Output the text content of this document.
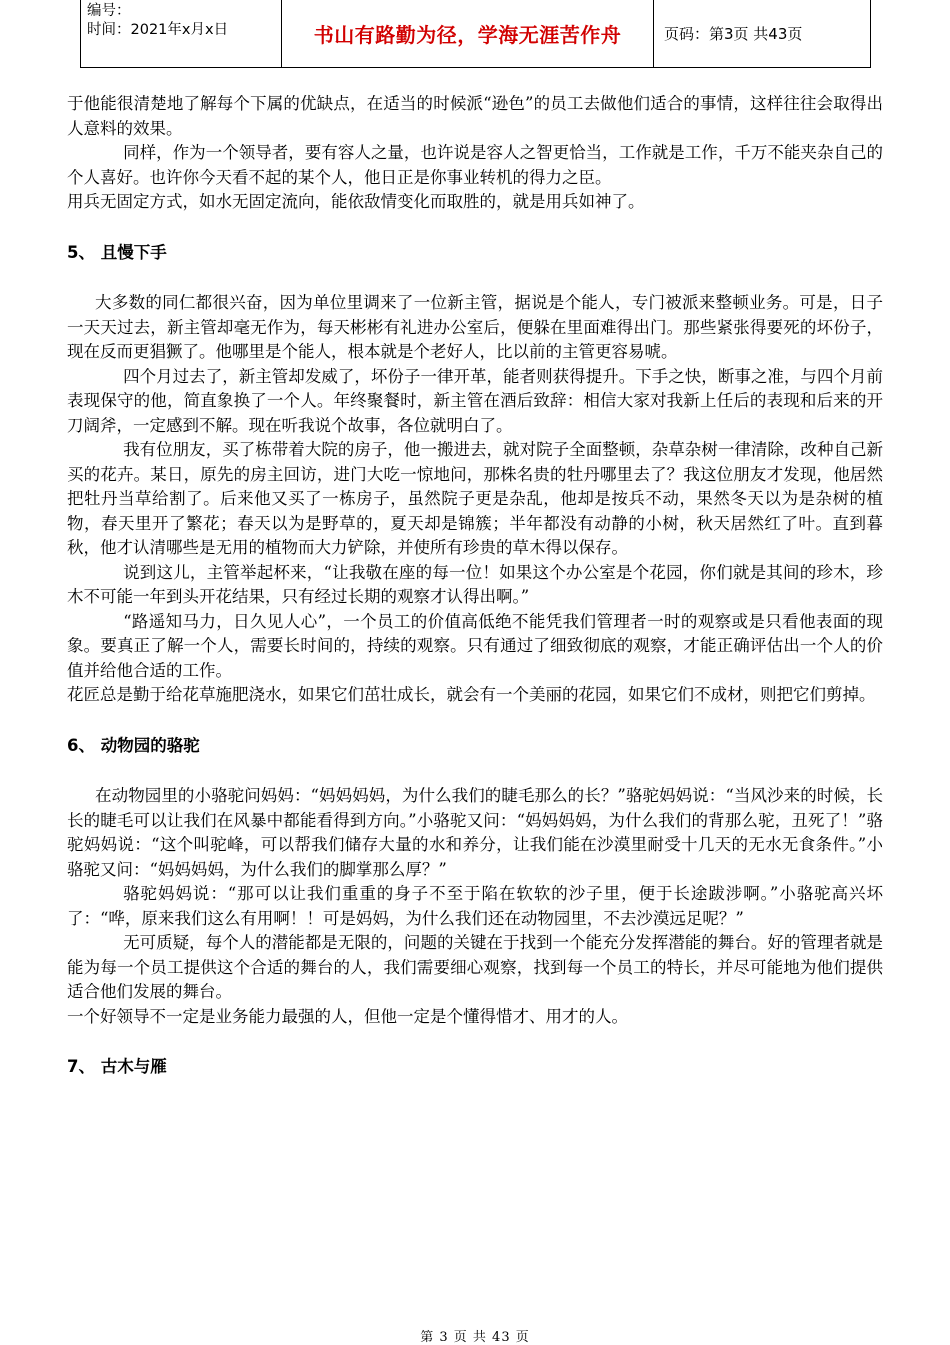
编号：
时间：2021年x月x日	书山有路勤为径，学海无涯苦作舟	页码：第3页 共43页

于他能很清楚地了解每个下属的优缺点，在适当的时候派“逊色”的员工去做他们适合的事情，这样往往会取得出人意料的效果。

同样，作为一个领导者，要有容人之量，也许说是容人之智更恰当，工作就是工作，千万不能夹杂自己的个人喜好。也许你今天看不起的某个人，他日正是你事业转机的得力之臣。

用兵无固定方式，如水无固定流向，能依敌情变化而取胜的，就是用兵如神了。

5、 且慢下手

大多数的同仁都很兴奋，因为单位里调来了一位新主管，据说是个能人，专门被派来整顿业务。可是，日子一天天过去，新主管却毫无作为，每天彬彬有礼进办公室后，便躲在里面难得出门。那些紧张得要死的坏份子，现在反而更猖獗了。他哪里是个能人，根本就是个老好人，比以前的主管更容易唬。

四个月过去了，新主管却发威了，坏份子一律开革，能者则获得提升。下手之快，断事之准，与四个月前表现保守的他，简直象换了一个人。年终聚餐时，新主管在酒后致辞：相信大家对我新上任后的表现和后来的开刀阔斧，一定感到不解。现在听我说个故事，各位就明白了。

我有位朋友，买了栋带着大院的房子，他一搬进去，就对院子全面整顿，杂草杂树一律清除，改种自己新买的花卉。某日，原先的房主回访，进门大吃一惊地问，那株名贵的牡丹哪里去了？我这位朋友才发现，他居然把牡丹当草给割了。后来他又买了一栋房子，虽然院子更是杂乱，他却是按兵不动，果然冬天以为是杂树的植物，春天里开了繁花；春天以为是野草的，夏天却是锦簇；半年都没有动静的小树，秋天居然红了叶。直到暮秋，他才认清哪些是无用的植物而大力铲除，并使所有珍贵的草木得以保存。

说到这儿，主管举起杯来，“让我敬在座的每一位！如果这个办公室是个花园，你们就是其间的珍木，珍木不可能一年到头开花结果，只有经过长期的观察才认得出啊。”

“路遥知马力，日久见人心”，一个员工的价值高低绝不能凭我们管理者一时的观察或是只看他表面的现象。要真正了解一个人，需要长时间的，持续的观察。只有通过了细致彻底的观察，才能正确评估出一个人的价值并给他合适的工作。

花匠总是勤于给花草施肥浇水，如果它们茁壮成长，就会有一个美丽的花园，如果它们不成材，则把它们剪掉。

6、 动物园的骆驼

在动物园里的小骆驼问妈妈：“妈妈妈妈，为什么我们的睫毛那么的长？”骆驼妈妈说：“当风沙来的时候，长长的睫毛可以让我们在风暴中都能看得到方向。”小骆驼又问：“妈妈妈妈，为什么我们的背那么驼，丑死了！”骆驼妈妈说：“这个叫驼峰，可以帮我们储存大量的水和养分，让我们能在沙漠里耐受十几天的无水无食条件。”小骆驼又问：“妈妈妈妈，为什么我们的脚掌那么厚？”

骆驼妈妈说：“那可以让我们重重的身子不至于陷在软软的沙子里，便于长途跋涉啊。”小骆驼高兴坏了：“哗，原来我们这么有用啊！！可是妈妈，为什么我们还在动物园里，不去沙漠远足呢？”

无可质疑，每个人的潜能都是无限的，问题的关键在于找到一个能充分发挥潜能的舞台。好的管理者就是能为每一个员工提供这个合适的舞台的人，我们需要细心观察，找到每一个员工的特长，并尽可能地为他们提供适合他们发展的舞台。

一个好领导不一定是业务能力最强的人，但他一定是个懂得惜才、用才的人。

7、 古木与雁
第 3 页 共 43 页
